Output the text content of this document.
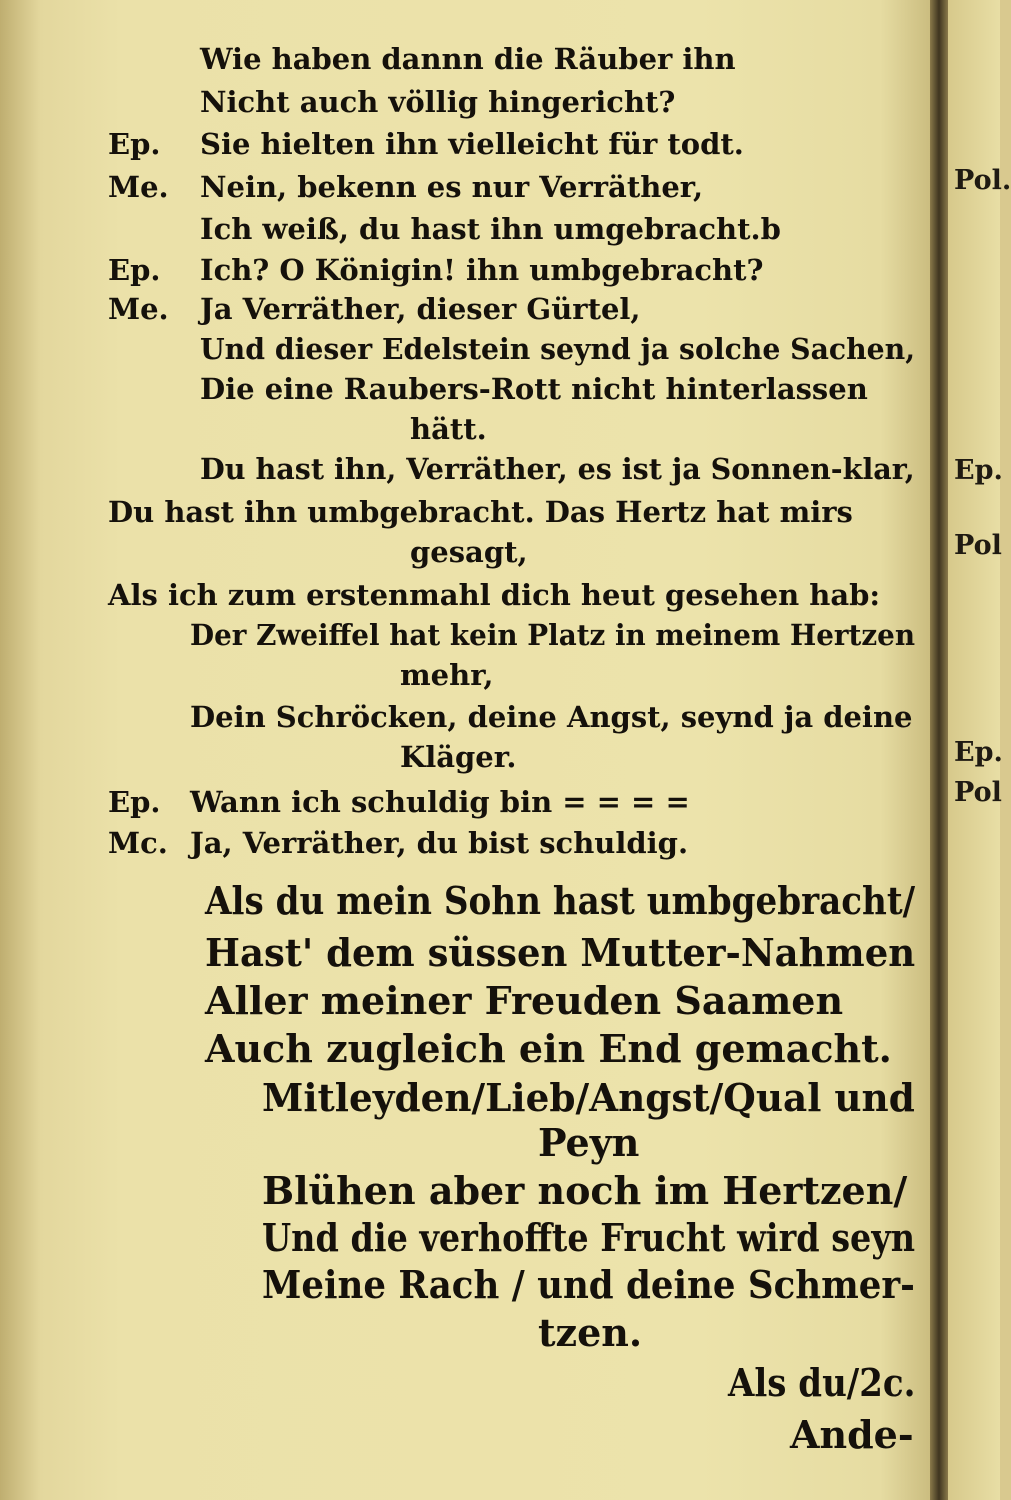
Ep.
Me.
Ep.
Me.
Ep.
Mc.
Wie haben dannn die Räuber ihn
Nicht auch völlig hingericht?
Sie hielten ihn vielleicht für todt.
Nein, bekenn es nur Verräther,
Ich weiß, du hast ihn umgebracht.b
Ich? O Königin! ihn umbgebracht?
Ja Verräther, dieser Gürtel,
Und dieser Edelstein seynd ja solche Sachen,
Die eine Raubers-Rott nicht hinterlassen
hätt.
Du hast ihn, Verräther, es ist ja Sonnen-klar,
Du hast ihn umbgebracht. Das Hertz hat mirs
gesagt,
Als ich zum erstenmahl dich heut gesehen hab:
Der Zweiffel hat kein Platz in meinem Hertzen
mehr,
Dein Schröcken, deine Angst, seynd ja deine
Kläger.
Wann ich schuldig bin = = = =
Ja, Verräther, du bist schuldig.
Als du mein Sohn hast umbgebracht/
Hast' dem süssen Mutter-Nahmen
Aller meiner Freuden Saamen
Auch zugleich ein End gemacht.
Mitleyden/Lieb/Angst/Qual und
Peyn
Blühen aber noch im Hertzen/
Und die verhoffte Frucht wird seyn
Meine Rach / und deine Schmer-
tzen.
Als du/2c.
Ande-
Pol.
Ep.
Pol
Ep.
Pol
